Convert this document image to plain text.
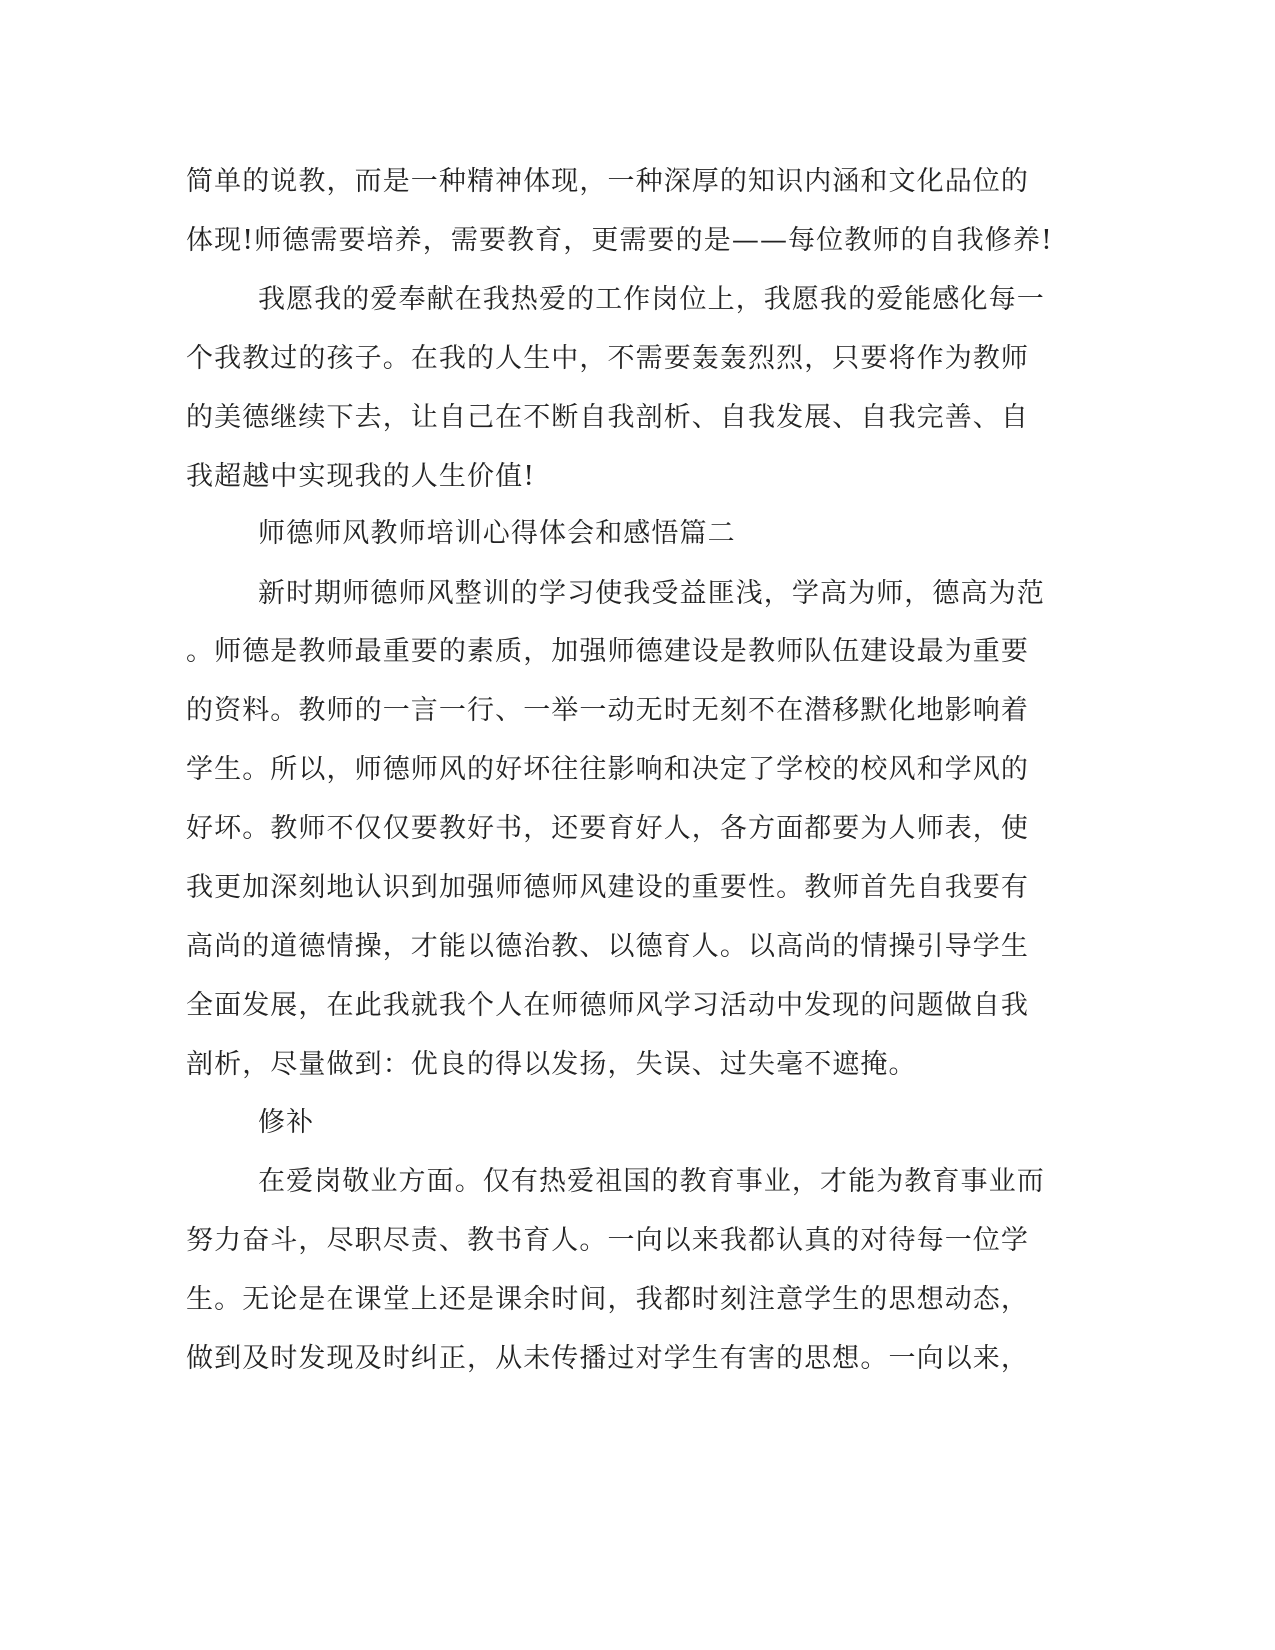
简单的说教，而是一种精神体现，一种深厚的知识内涵和文化品位的
体现!师德需要培养，需要教育，更需要的是——每位教师的自我修养!
我愿我的爱奉献在我热爱的工作岗位上，我愿我的爱能感化每一
个我教过的孩子。在我的人生中，不需要轰轰烈烈，只要将作为教师
的美德继续下去，让自己在不断自我剖析、自我发展、自我完善、自
我超越中实现我的人生价值!
师德师风教师培训心得体会和感悟篇二
新时期师德师风整训的学习使我受益匪浅，学高为师，德高为范
。师德是教师最重要的素质，加强师德建设是教师队伍建设最为重要
的资料。教师的一言一行、一举一动无时无刻不在潜移默化地影响着
学生。所以，师德师风的好坏往往影响和决定了学校的校风和学风的
好坏。教师不仅仅要教好书，还要育好人，各方面都要为人师表，使
我更加深刻地认识到加强师德师风建设的重要性。教师首先自我要有
高尚的道德情操，才能以德治教、以德育人。以高尚的情操引导学生
全面发展，在此我就我个人在师德师风学习活动中发现的问题做自我
剖析，尽量做到：优良的得以发扬，失误、过失毫不遮掩。
修补
在爱岗敬业方面。仅有热爱祖国的教育事业，才能为教育事业而
努力奋斗，尽职尽责、教书育人。一向以来我都认真的对待每一位学
生。无论是在课堂上还是课余时间，我都时刻注意学生的思想动态，
做到及时发现及时纠正，从未传播过对学生有害的思想。一向以来，
